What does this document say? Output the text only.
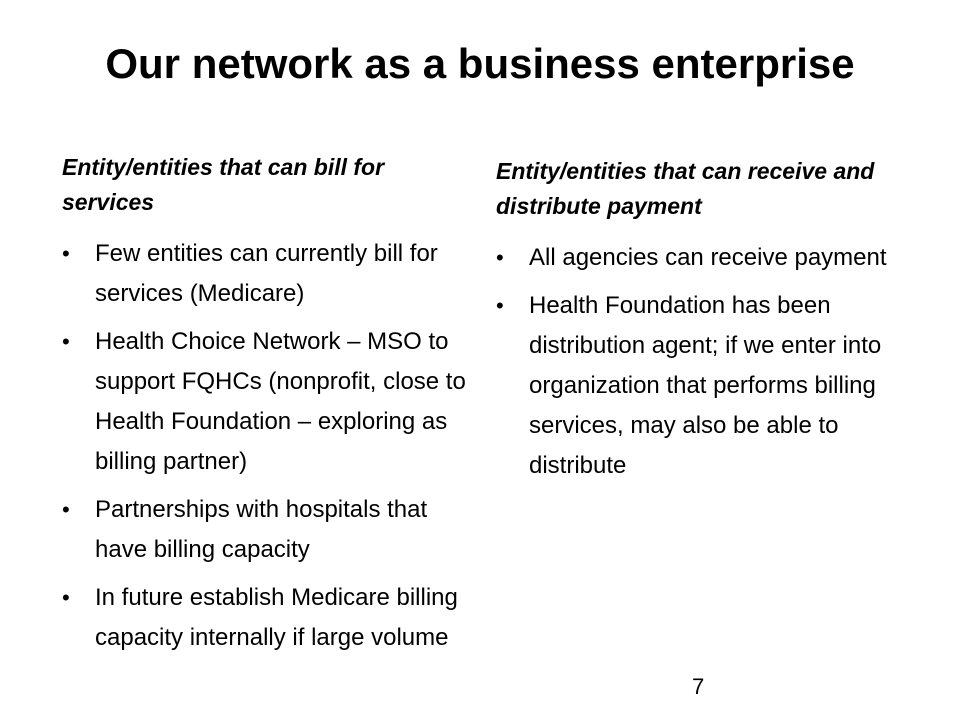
Our network as a business enterprise

Entity/entities that can bill for services

•	Few entities can currently bill for services (Medicare)
•	Health Choice Network – MSO to support FQHCs (nonprofit, close to Health Foundation – exploring as billing partner)
•	Partnerships with hospitals that have billing capacity
•	In future establish Medicare billing capacity internally if large volume

Entity/entities that can receive and distribute payment

•	All agencies can receive payment
•	Health Foundation has been distribution agent; if we enter into organization that performs billing services, may also be able to distribute
7
